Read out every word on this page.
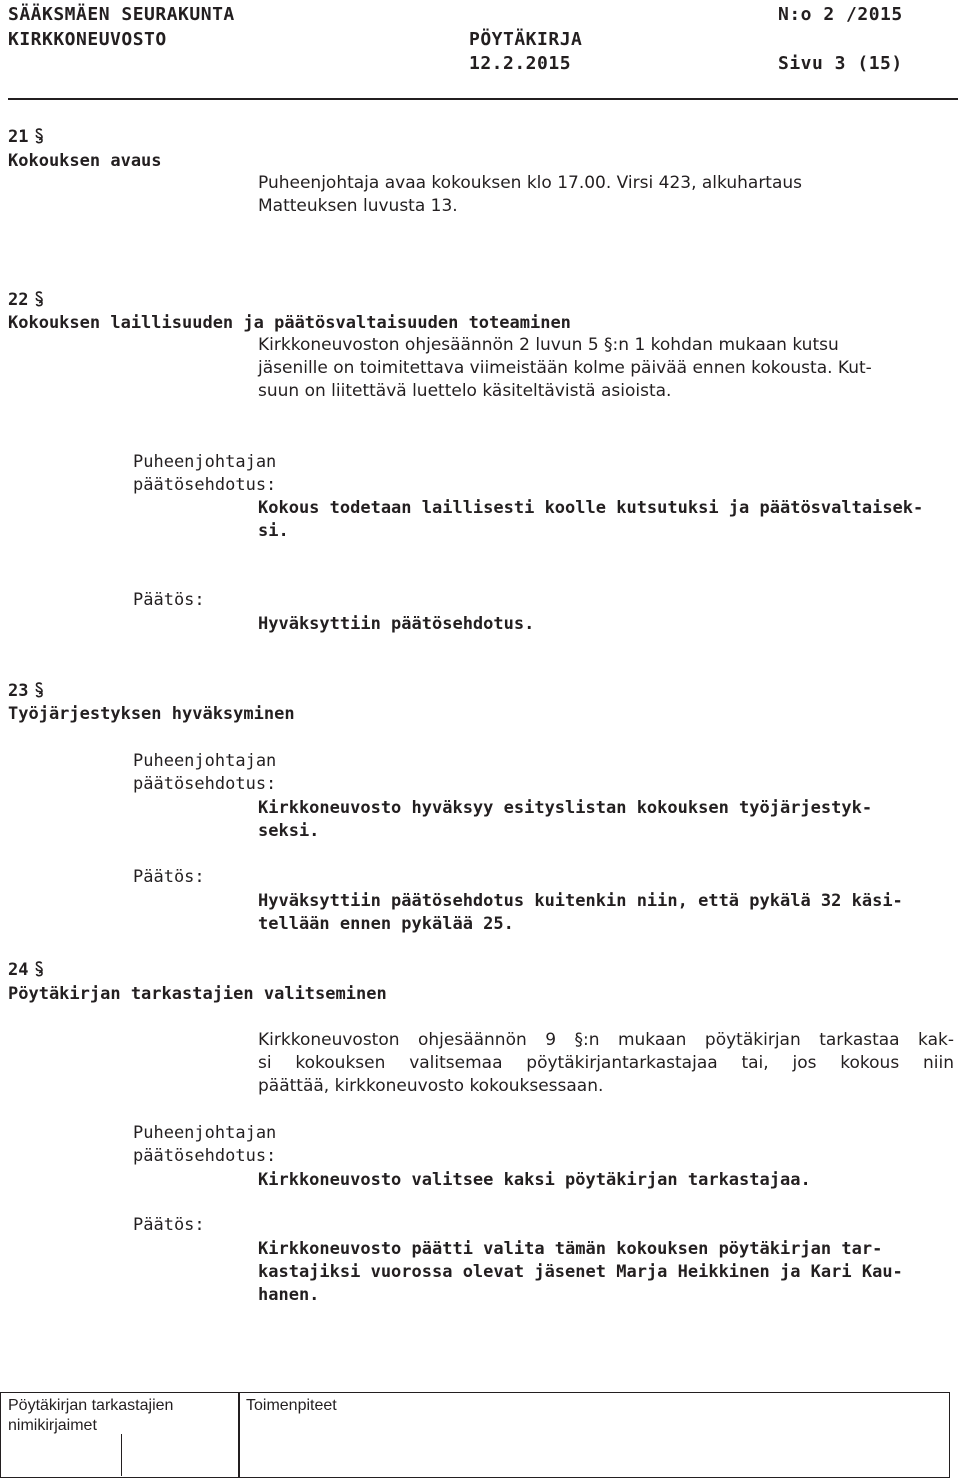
SÄÄKSMÄEN SEURAKUNTA
KIRKKONEUVOSTO	PÖYTÄKIRJA
12.2.2015
N:o 2 /2015
Sivu 3 (15)
21
Kokouksen avaus
Puheenjohtaja avaa kokouksen klo 17.00. Virsi 423, alkuhartaus
Matteuksen luvusta 13.
22
Kokouksen laillisuuden ja päätösvaltaisuuden toteaminen
Kirkkoneuvoston ohjesäännön 2 luvun 5 §:n 1 kohdan mukaan kutsu
jäsenille on toimitettava viimeistään kolme päivää ennen kokousta. Kut-
suun on liitettävä luettelo käsiteltävistä asioista.
Puheenjohtajan
päätösehdotus:
Kokous todetaan laillisesti koolle kutsutuksi ja päätösvaltaisek-
si.
Päätös:
Hyväksyttiin päätösehdotus.
23
Työjärjestyksen hyväksyminen
Puheenjohtajan
päätösehdotus:
Kirkkoneuvosto hyväksyy esityslistan kokouksen työjärjestyk-
seksi.
Päätös:
Hyväksyttiin päätösehdotus kuitenkin niin, että pykälä 32 käsi-
tellään ennen pykälää 25.
24
Pöytäkirjan tarkastajien valitseminen
Kirkkoneuvoston ohjesäännön 9 §:n mukaan pöytäkirjan tarkastaa kak-
si kokouksen valitsemaa pöytäkirjantarkastajaa tai, jos kokous niin
päättää, kirkkoneuvosto kokouksessaan.
Puheenjohtajan
päätösehdotus:
Kirkkoneuvosto valitsee kaksi pöytäkirjan tarkastajaa.
Päätös:
Kirkkoneuvosto päätti valita tämän kokouksen pöytäkirjan tar-
kastajiksi vuorossa olevat jäsenet Marja Heikkinen ja Kari Kau-
hanen.
Pöytäkirjan tarkastajien
nimikirjaimet
Toimenpiteet
